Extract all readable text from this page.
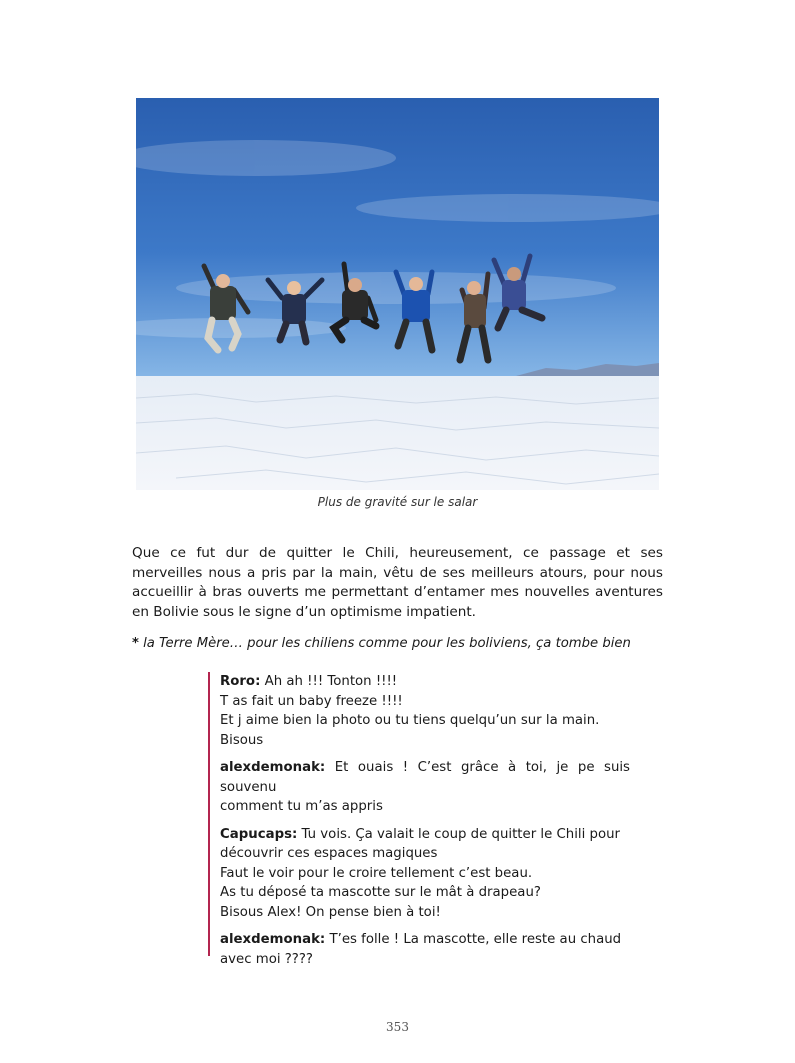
Plus de gravité sur le salar

Que ce fut dur de quitter le Chili, heureusement, ce passage et ses merveilles nous a pris par la main, vêtu de ses meilleurs atours, pour nous accueillir à bras ouverts me permettant d’entamer mes nouvelles aventures en Bolivie sous le signe d’un optimisme impatient.

* la Terre Mère… pour les chiliens comme pour les boliviens, ça tombe bien

Roro: Ah ah !!! Tonton !!!!
T as fait un baby freeze !!!!
Et j aime bien la photo ou tu tiens quelqu’un sur la main.
Bisous

alexdemonak: Et ouais ! C’est grâce à toi, je pe suis souvenu
comment tu m’as appris

Capucaps: Tu vois. Ça valait le coup de quitter le Chili pour
découvrir ces espaces magiques
Faut le voir pour le croire tellement c’est beau.
As tu déposé ta mascotte sur le mât à drapeau?
Bisous Alex! On pense bien à toi!

alexdemonak: T’es folle ! La mascotte, elle reste au chaud
avec moi ????

353
